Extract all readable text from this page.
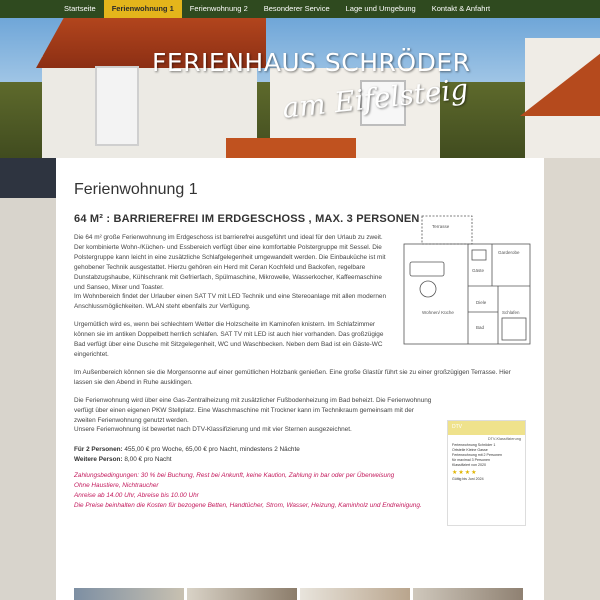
Startseite	Ferienwohnung 1	Ferienwohnung 2	Besonderer Service	Lage und Umgebung	Kontakt & Anfahrt
FERIENHAUS SCHRÖDER
am Eifelsteig
Ferienwohnung 1
64 M² : BARRIEREFREI IM ERDGESCHOSS , MAX. 3 PERSONEN

Die 64 m² große Ferienwohnung im Erdgeschoss ist barrierefrei ausgeführt und ideal für den Urlaub zu zweit. Der kombinierte Wohn-/Küchen- und Essbereich verfügt über eine komfortable Polstergruppe mit Sessel. Die Polstergruppe kann leicht in eine zusätzliche Schlafgelegenheit umgewandelt werden. Die Einbauküche ist mit gehobener Technik ausgestattet. Hierzu gehören ein Herd mit Ceran Kochfeld und Backofen, regelbare Dunstabzugshaube, Kühlschrank mit Gefrierfach, Spülmaschine, Mikrowelle, Wasserkocher, Kaffeemaschine und Sanseo, Mixer und Toaster.
Im Wohnbereich findet der Urlauber einen SAT TV mit LED Technik und eine Stereoanlage mit allen modernen Anschlussmöglichkeiten. WLAN steht ebenfalls zur Verfügung.

Urgemütlich wird es, wenn bei schlechtem Wetter die Holzscheite im Kaminofen knistern. Im Schlafzimmer können sie im antiken Doppelbett herrlich schlafen. SAT TV mit LED ist auch hier vorhanden. Das großzügige Bad verfügt über eine Dusche mit Sitzgelegenheit, WC und Waschbecken. Neben dem Bad ist ein Gäste-WC eingerichtet.

Im Außenbereich können sie die Morgensonne auf einer gemütlichen Holzbank genießen. Eine große Glastür führt sie zu einer großzügigen Terrasse. Hier lassen sie den Abend in Ruhe ausklingen.

Die Ferienwohnung wird über eine Gas-Zentralheizung mit zusätzlicher Fußbodenheizung im Bad beheizt. Die Ferienwohnung verfügt über einen eigenen PKW Stellplatz. Eine Waschmaschine mit Trockner kann im Technikraum gemeinsam mit der zweiten Ferienwohnung genutzt werden.
Unsere Ferienwohnung ist bewertet nach DTV-Klassifizierung und mit vier Sternen ausgezeichnet.

Für 2 Personen: 455,00 € pro Woche, 65,00 € pro Nacht, mindestens 2 Nächte
Weitere Person: 8,00 € pro Nacht
Zahlungsbedingungen: 30 % bei Buchung, Rest bei Ankunft, keine Kaution, Zahlung in bar oder per Überweisung
Ohne Haustiere, Nichtraucher
Anreise ab 14.00 Uhr, Abreise bis 10.00 Uhr
Die Preise beinhalten die Kosten für bezogene Betten, Handtücher, Strom, Wasser, Heizung, Kaminholz und Endreinigung.
Terrasse
Garderobe
Gäste
Wohnen/ Küche
Diele
Bad
Schlafen
DTV
DTV-Klassifizierung
Ferienwohnung Schröder 1
Ortsteile Kleine Gasse
Ferienwohnung mit 2 Personen
für maximal 3 Personen
Klassifiziert von 2020
★★★★
Gültig bis Juni 2024
